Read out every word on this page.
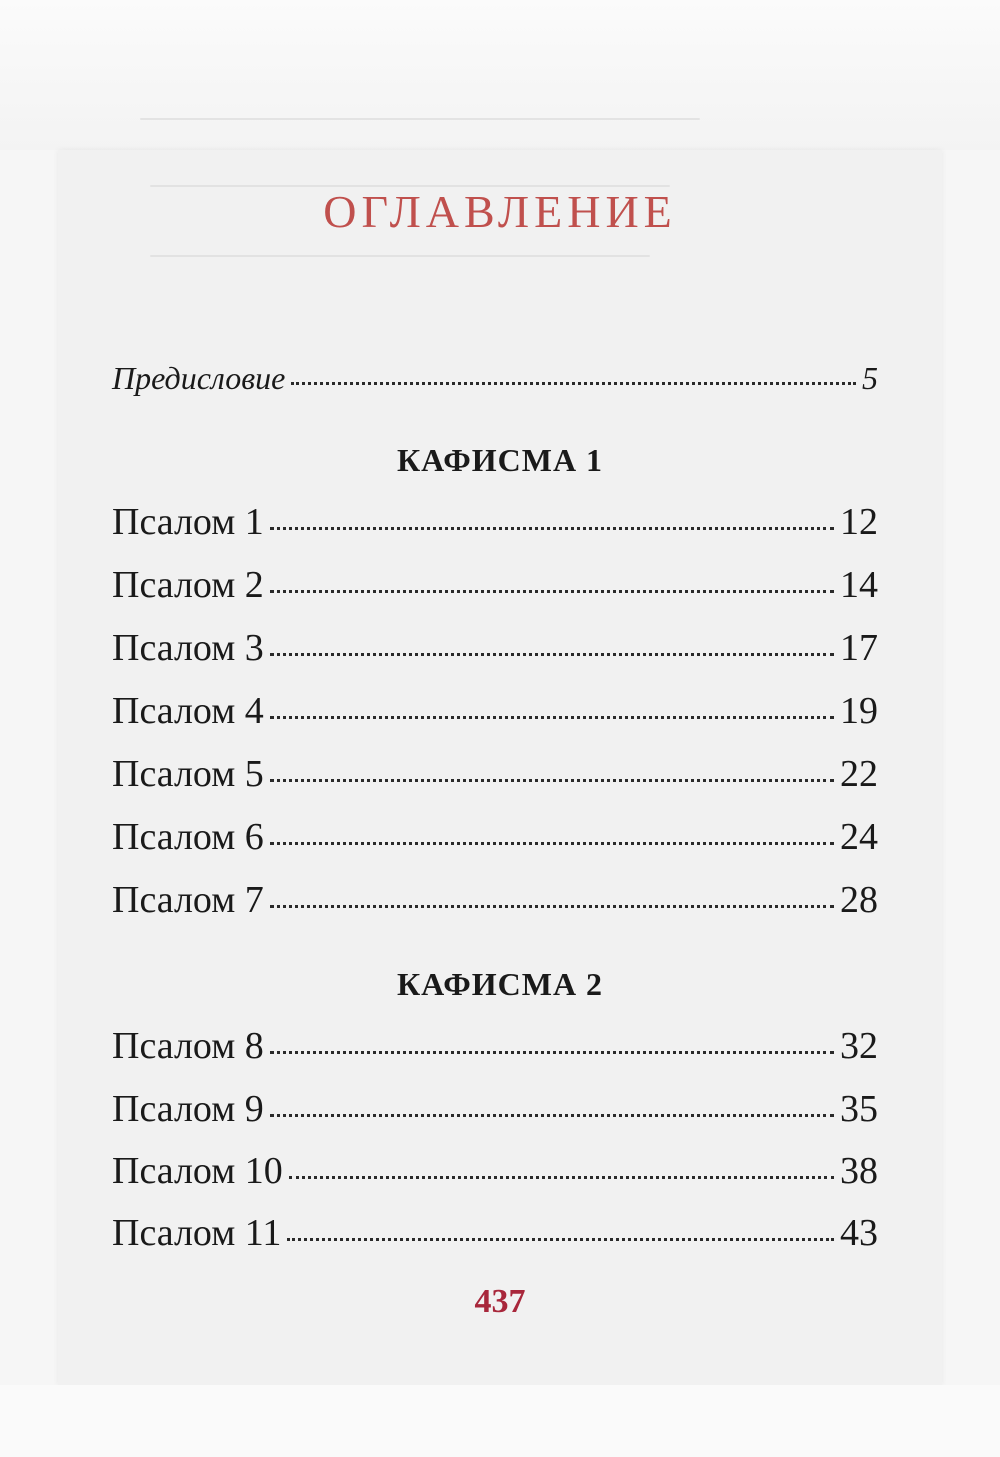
ОГЛАВЛЕНИЕ
Предисловие	5
КАФИСМА 1
Псалом 1	12
Псалом 2	14
Псалом 3	17
Псалом 4	19
Псалом 5	22
Псалом 6	24
Псалом 7	28
КАФИСМА 2
Псалом 8	32
Псалом 9	35
Псалом 10	38
Псалом 11	43
437
